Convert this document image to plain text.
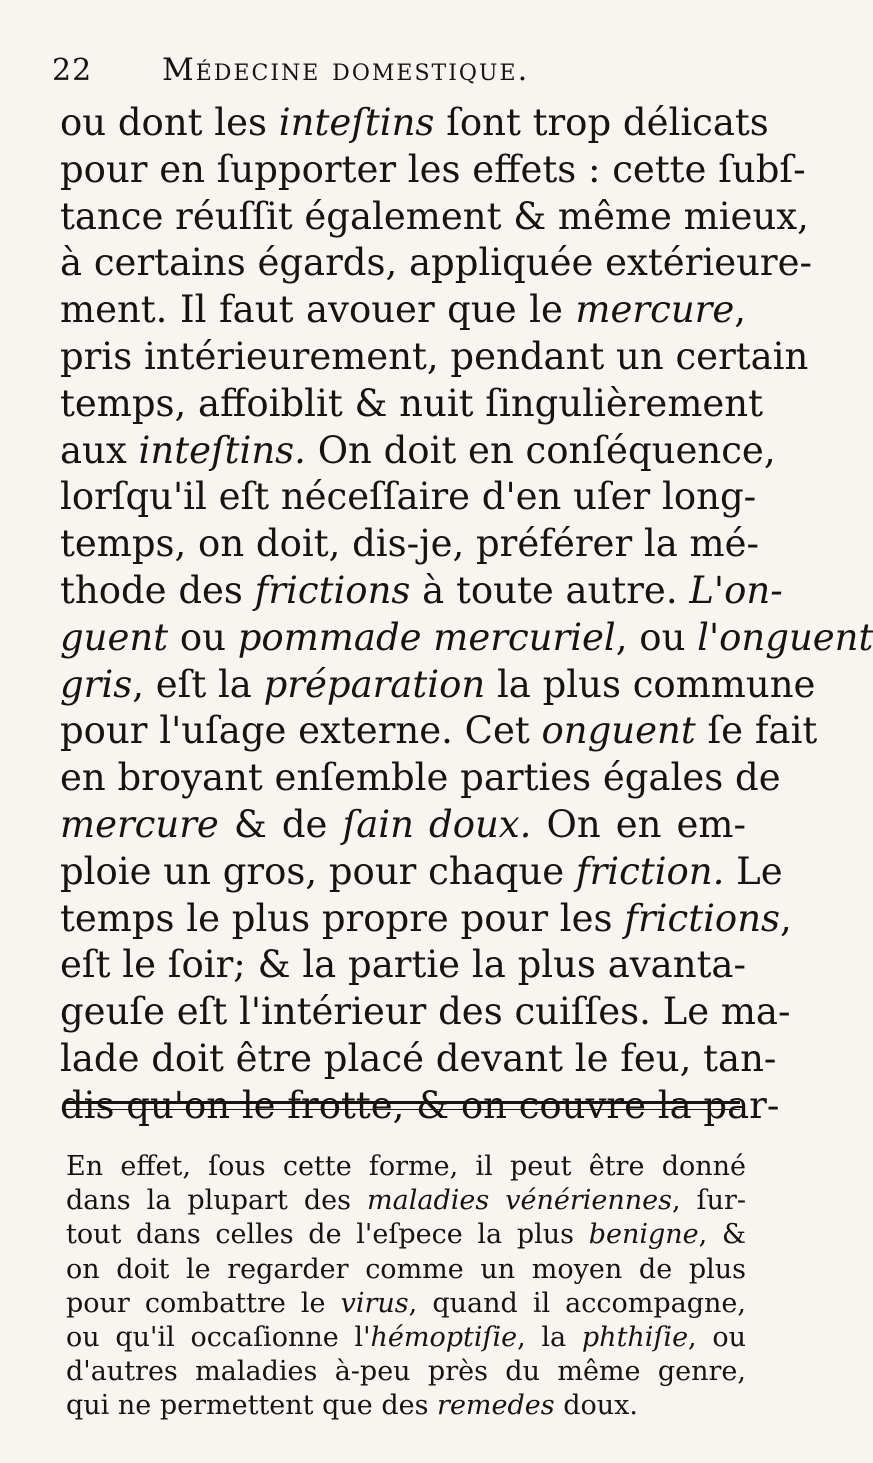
22	Médecine domestique.
ou dont les inteſtins ſont trop délicats
pour en ſupporter les effets : cette ſubſ-
tance réuſſit également & même mieux,
à certains égards, appliquée extérieure-
ment. Il faut avouer que le mercure,
pris intérieurement, pendant un certain
temps, affoiblit & nuit ſingulièrement
aux inteſtins. On doit en conſéquence,
lorſqu'il eſt néceſſaire d'en uſer long-
temps, on doit, dis-je, préférer la mé-
thode des frictions à toute autre. L'on-
guent ou pommade mercuriel, ou l'onguent
gris, eſt la préparation la plus commune
pour l'uſage externe. Cet onguent ſe fait
en broyant enſemble parties égales de
mercure & de ſain doux. On en em-
ploie un gros, pour chaque friction. Le
temps le plus propre pour les frictions,
eſt le ſoir; & la partie la plus avanta-
geuſe eſt l'intérieur des cuiſſes. Le ma-
lade doit être placé devant le feu, tan-
dis qu'on le frotte, & on couvre la par-
En effet, ſous cette forme, il peut être donné
dans la plupart des maladies vénériennes, ſur-
tout dans celles de l'eſpece la plus benigne, &
on doit le regarder comme un moyen de plus
pour combattre le virus, quand il accompagne,
ou qu'il occaſionne l'hémoptiſie, la phthiſie, ou
d'autres maladies à-peu près du même genre,
qui ne permettent que des remedes doux.
